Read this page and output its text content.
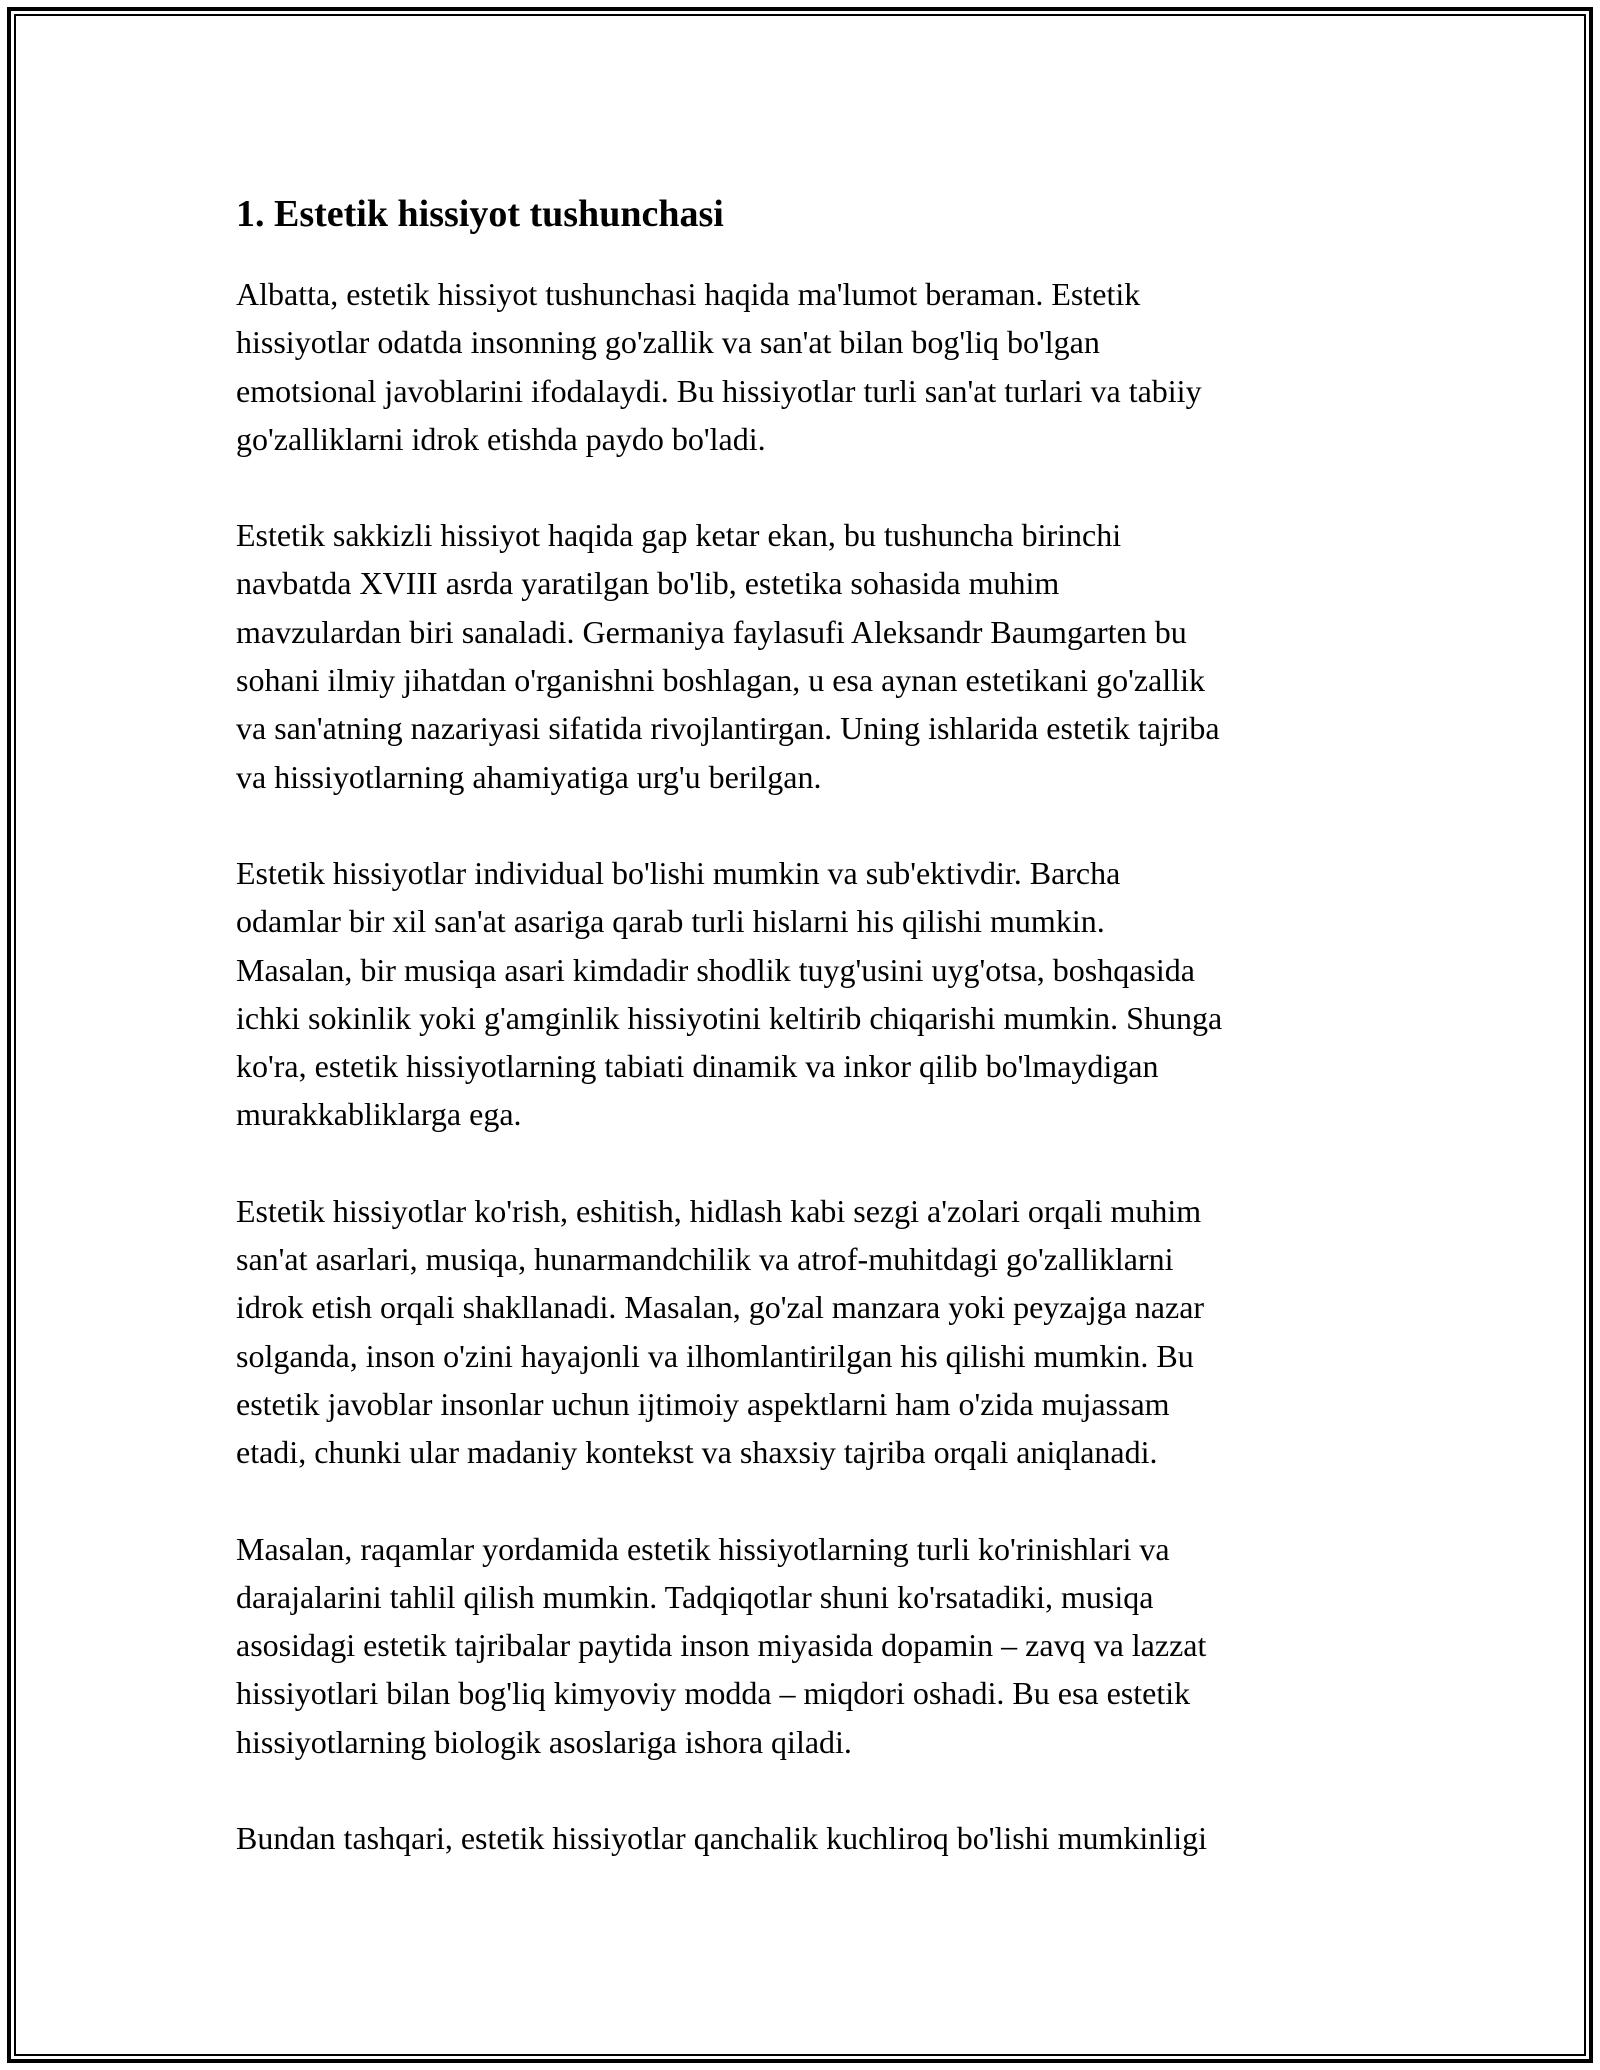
1. Estetik hissiyot tushunchasi

Albatta, estetik hissiyot tushunchasi haqida ma'lumot beraman. Estetik
hissiyotlar odatda insonning go'zallik va san'at bilan bog'liq bo'lgan
emotsional javoblarini ifodalaydi. Bu hissiyotlar turli san'at turlari va tabiiy
go'zalliklarni idrok etishda paydo bo'ladi.

Estetik sakkizli hissiyot haqida gap ketar ekan, bu tushuncha birinchi
navbatda XVIII asrda yaratilgan bo'lib, estetika sohasida muhim
mavzulardan biri sanaladi. Germaniya faylasufi Aleksandr Baumgarten bu
sohani ilmiy jihatdan o'rganishni boshlagan, u esa aynan estetikani go'zallik
va san'atning nazariyasi sifatida rivojlantirgan. Uning ishlarida estetik tajriba
va hissiyotlarning ahamiyatiga urg'u berilgan.

Estetik hissiyotlar individual bo'lishi mumkin va sub'ektivdir. Barcha
odamlar bir xil san'at asariga qarab turli hislarni his qilishi mumkin.
Masalan, bir musiqa asari kimdadir shodlik tuyg'usini uyg'otsa, boshqasida
ichki sokinlik yoki g'amginlik hissiyotini keltirib chiqarishi mumkin. Shunga
ko'ra, estetik hissiyotlarning tabiati dinamik va inkor qilib bo'lmaydigan
murakkabliklarga ega.

Estetik hissiyotlar ko'rish, eshitish, hidlash kabi sezgi a'zolari orqali muhim
san'at asarlari, musiqa, hunarmandchilik va atrof-muhitdagi go'zalliklarni
idrok etish orqali shakllanadi. Masalan, go'zal manzara yoki peyzajga nazar
solganda, inson o'zini hayajonli va ilhomlantirilgan his qilishi mumkin. Bu
estetik javoblar insonlar uchun ijtimoiy aspektlarni ham o'zida mujassam
etadi, chunki ular madaniy kontekst va shaxsiy tajriba orqali aniqlanadi.

Masalan, raqamlar yordamida estetik hissiyotlarning turli ko'rinishlari va
darajalarini tahlil qilish mumkin. Tadqiqotlar shuni ko'rsatadiki, musiqa
asosidagi estetik tajribalar paytida inson miyasida dopamin – zavq va lazzat
hissiyotlari bilan bog'liq kimyoviy modda – miqdori oshadi. Bu esa estetik
hissiyotlarning biologik asoslariga ishora qiladi.

Bundan tashqari, estetik hissiyotlar qanchalik kuchliroq bo'lishi mumkinligi
